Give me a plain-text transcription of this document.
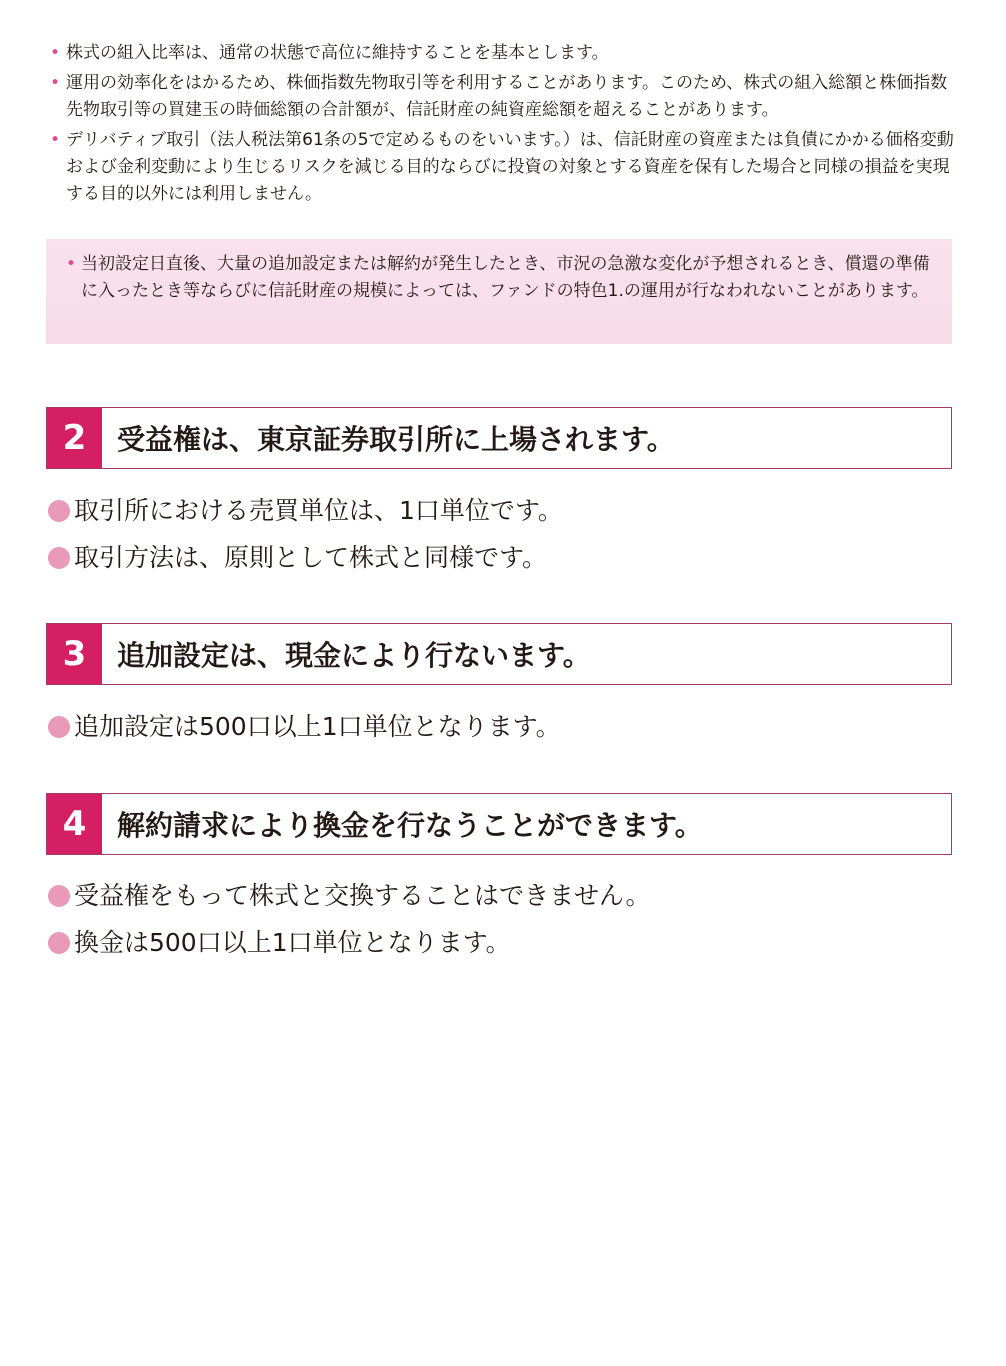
• 株式の組入比率は、通常の状態で高位に維持することを基本とします。
• 運用の効率化をはかるため、株価指数先物取引等を利用することがあります。このため、株式の組入総額と株価指数先物取引等の買建玉の時価総額の合計額が、信託財産の純資産総額を超えることがあります。
• デリバティブ取引（法人税法第61条の5で定めるものをいいます。）は、信託財産の資産または負債にかかる価格変動および金利変動により生じるリスクを減じる目的ならびに投資の対象とする資産を保有した場合と同様の損益を実現する目的以外には利用しません。
• 当初設定日直後、大量の追加設定または解約が発生したとき、市況の急激な変化が予想されるとき、償還の準備に入ったとき等ならびに信託財産の規模によっては、ファンドの特色1.の運用が行なわれないことがあります。
2	受益権は、東京証券取引所に上場されます。
取引所における売買単位は、1口単位です。
取引方法は、原則として株式と同様です。
3	追加設定は、現金により行ないます。
追加設定は500口以上1口単位となります。
4	解約請求により換金を行なうことができます。
受益権をもって株式と交換することはできません。
換金は500口以上1口単位となります。
